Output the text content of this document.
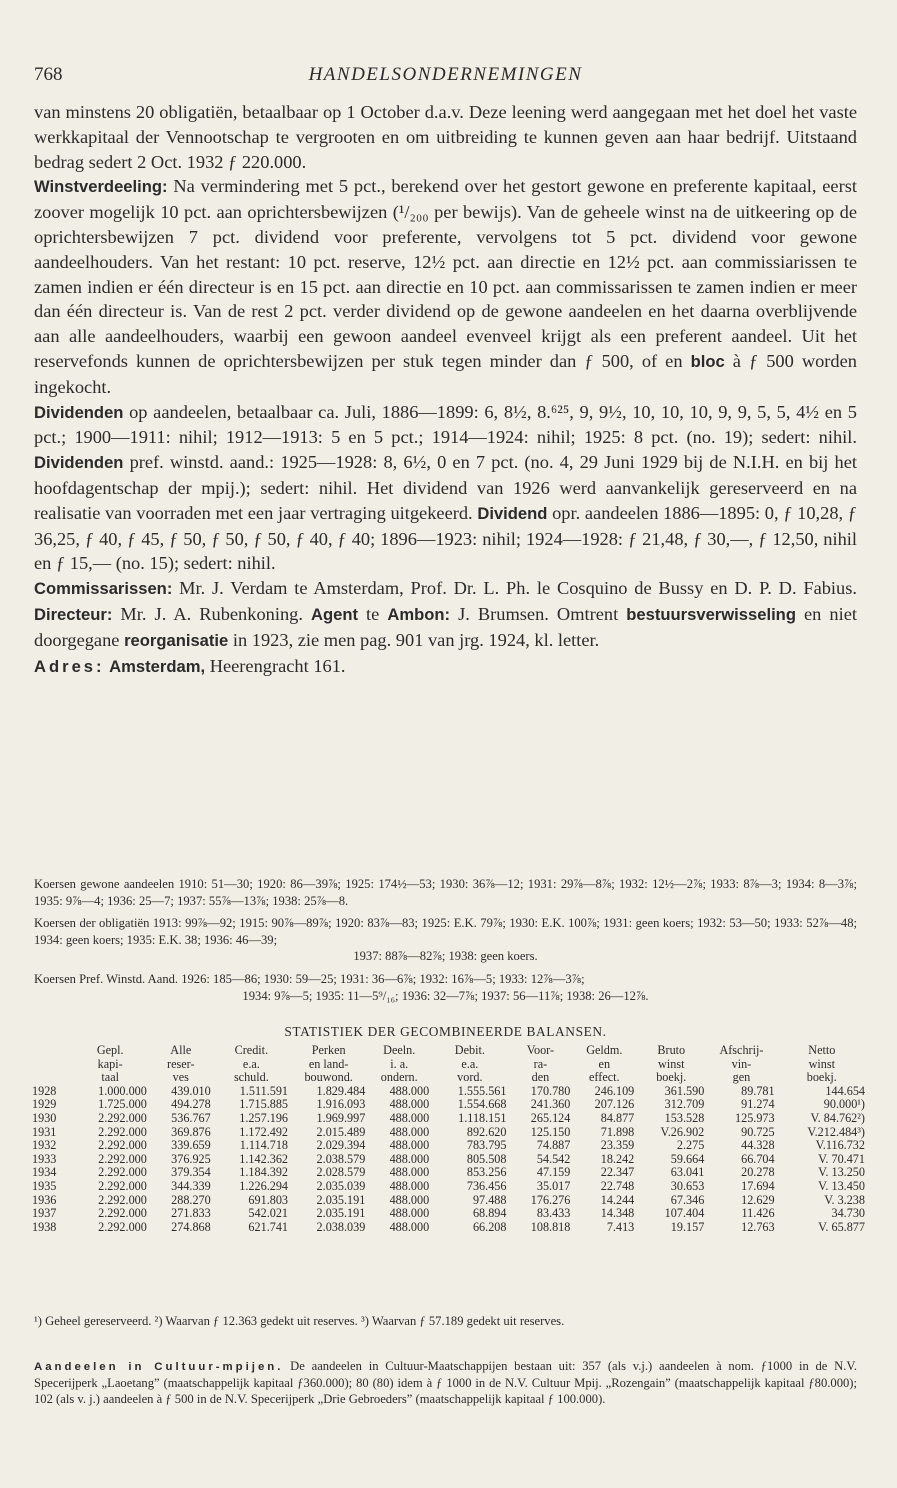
768	HANDELSONDERNEMINGEN

van minstens 20 obligatiën, betaalbaar op 1 October d.a.v. Deze leening werd aangegaan met het doel het vaste werkkapitaal der Vennootschap te vergrooten en om uitbreiding te kunnen geven aan haar bedrijf. Uitstaand bedrag sedert 2 Oct. 1932 ƒ 220.000.

Winstverdeeling: Na vermindering met 5 pct., berekend over het gestort gewone en preferente kapitaal, eerst zoover mogelijk 10 pct. aan oprichtersbewijzen (¹/₂₀₀ per bewijs). Van de geheele winst na de uitkeering op de oprichtersbewijzen 7 pct. dividend voor preferente, vervolgens tot 5 pct. dividend voor gewone aandeelhouders. Van het restant: 10 pct. reserve, 12½ pct. aan directie en 12½ pct. aan commissiarissen te zamen indien er één directeur is en 15 pct. aan directie en 10 pct. aan commissarissen te zamen indien er meer dan één directeur is. Van de rest 2 pct. verder dividend op de gewone aandeelen en het daarna overblijvende aan alle aandeelhouders, waarbij een gewoon aandeel evenveel krijgt als een preferent aandeel. Uit het reservefonds kunnen de oprichtersbewijzen per stuk tegen minder dan ƒ 500, of en bloc à ƒ 500 worden ingekocht.

Dividenden op aandeelen, betaalbaar ca. Juli, 1886—1899: 6, 8½, 8.⁶²⁵, 9, 9½, 10, 10, 10, 9, 9, 5, 5, 4½ en 5 pct.; 1900—1911: nihil; 1912—1913: 5 en 5 pct.; 1914—1924: nihil; 1925: 8 pct. (no. 19); sedert: nihil. Dividenden pref. winstd. aand.: 1925—1928: 8, 6½, 0 en 7 pct. (no. 4, 29 Juni 1929 bij de N.I.H. en bij het hoofdagentschap der mpij.); sedert: nihil. Het dividend van 1926 werd aanvankelijk gereserveerd en na realisatie van voorraden met een jaar vertraging uitgekeerd. Dividend opr. aandeelen 1886—1895: 0, ƒ 10,28, ƒ 36,25, ƒ 40, ƒ 45, ƒ 50, ƒ 50, ƒ 50, ƒ 40, ƒ 40; 1896—1923: nihil; 1924—1928: ƒ 21,48, ƒ 30,—, ƒ 12,50, nihil en ƒ 15,— (no. 15); sedert: nihil.

Commissarissen: Mr. J. Verdam te Amsterdam, Prof. Dr. L. Ph. le Cosquino de Bussy en D. P. D. Fabius. Directeur: Mr. J. A. Rubenkoning. Agent te Ambon: J. Brumsen. Omtrent bestuursverwisseling en niet doorgegane reorganisatie in 1923, zie men pag. 901 van jrg. 1924, kl. letter.

Adres: Amsterdam, Heerengracht 161.

Koersen gewone aandeelen 1910: 51—30; 1920: 86—39⅞; 1925: 174½—53; 1930: 36⅞—12; 1931: 29⅞—8⅞; 1932: 12½—2⅞; 1933: 8⅞—3; 1934: 8—3⅞; 1935: 9⅞—4; 1936: 25—7; 1937: 55⅞—13⅞; 1938: 25⅞—8.

Koersen der obligatiën 1913: 99⅞—92; 1915: 90⅞—89⅞; 1920: 83⅞—83; 1925: E.K. 79⅞; 1930: E.K. 100⅞; 1931: geen koers; 1932: 53—50; 1933: 52⅞—48; 1934: geen koers; 1935: E.K. 38; 1936: 46—39;

1937: 88⅞—82⅞; 1938: geen koers.

Koersen Pref. Winstd. Aand. 1926: 185—86; 1930: 59—25; 1931: 36—6⅞; 1932: 16⅞—5; 1933: 12⅞—3⅞;

1934: 9⅞—5; 1935: 11—5⁹/₁₆; 1936: 32—7⅞; 1937: 56—11⅞; 1938: 26—12⅞.

STATISTIEK DER GECOMBINEERDE BALANSEN.
	Gepl.	Alle	Credit.	Perken	Deeln.	Debit.	Voor-	Geldm.	Bruto	Afschrij-	Netto
	kapi-	reser-	e.a.	en land-	i. a.	e.a.	ra-	en	winst	vin-	winst
	taal	ves	schuld.	bouwond.	ondern.	vord.	den	effect.	boekj.	gen	boekj.
1928	1.000.000	439.010	1.511.591	1.829.484	488.000	1.555.561	170.780	246.109	361.590	89.781	144.654
1929	1.725.000	494.278	1.715.885	1.916.093	488.000	1.554.668	241.360	207.126	312.709	91.274	90.000¹)
1930	2.292.000	536.767	1.257.196	1.969.997	488.000	1.118.151	265.124	84.877	153.528	125.973	V. 84.762²)
1931	2.292.000	369.876	1.172.492	2.015.489	488.000	892.620	125.150	71.898	V.26.902	90.725	V.212.484³)
1932	2.292.000	339.659	1.114.718	2.029.394	488.000	783.795	74.887	23.359	2.275	44.328	V.116.732
1933	2.292.000	376.925	1.142.362	2.038.579	488.000	805.508	54.542	18.242	59.664	66.704	V. 70.471
1934	2.292.000	379.354	1.184.392	2.028.579	488.000	853.256	47.159	22.347	63.041	20.278	V. 13.250
1935	2.292.000	344.339	1.226.294	2.035.039	488.000	736.456	35.017	22.748	30.653	17.694	V. 13.450
1936	2.292.000	288.270	691.803	2.035.191	488.000	97.488	176.276	14.244	67.346	12.629	V. 3.238
1937	2.292.000	271.833	542.021	2.035.191	488.000	68.894	83.433	14.348	107.404	11.426	34.730
1938	2.292.000	274.868	621.741	2.038.039	488.000	66.208	108.818	7.413	19.157	12.763	V. 65.877
¹) Geheel gereserveerd. ²) Waarvan ƒ 12.363 gedekt uit reserves. ³) Waarvan ƒ 57.189 gedekt uit reserves.
Aandeelen in Cultuur-mpijen. De aandeelen in Cultuur-Maatschappijen bestaan uit: 357 (als v.j.) aandeelen à nom. ƒ1000 in de N.V. Specerijperk „Laoetang” (maatschappelijk kapitaal ƒ360.000); 80 (80) idem à ƒ 1000 in de N.V. Cultuur Mpij. „Rozengain” (maatschappelijk kapitaal ƒ80.000); 102 (als v. j.) aandeelen à ƒ 500 in de N.V. Specerijperk „Drie Gebroeders” (maatschappelijk kapitaal ƒ 100.000).
